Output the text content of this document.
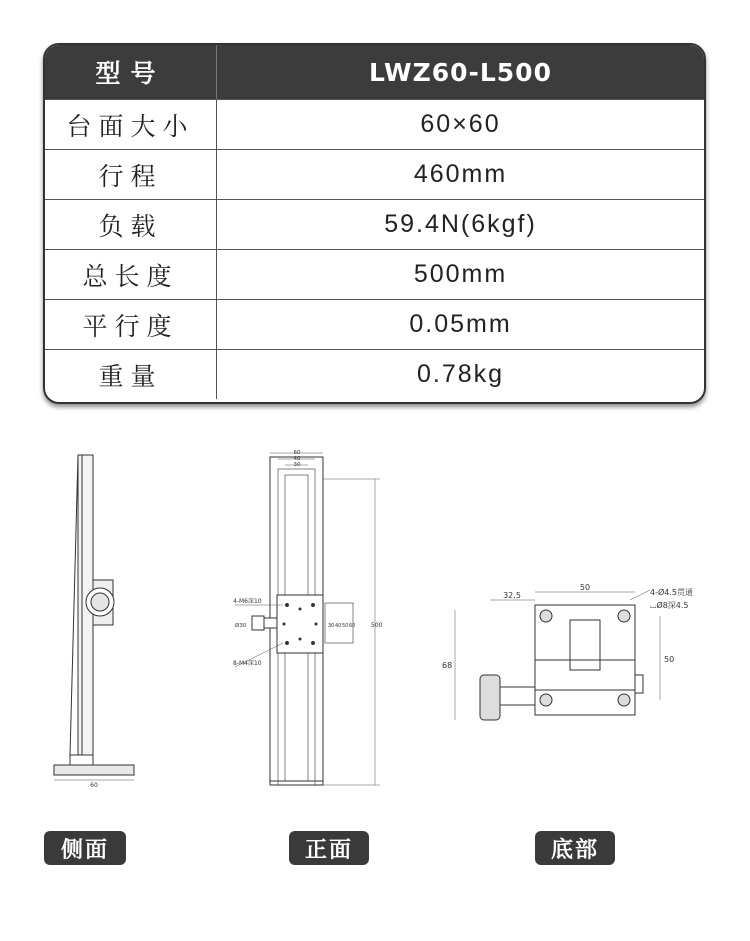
型号	LWZ60-L500
台面大小	60×60
行程	460mm
负载	59.4N(6kgf)
总长度	500mm
平行度	0.05mm
重量	0.78kg
60
60
40
30
4-M6深10
8-M4深10
Ø30	30 40 50 60	500
32.5
50
4-Ø4.5贯通
⌴Ø8深4.5
50
68
侧面	正面	底部
